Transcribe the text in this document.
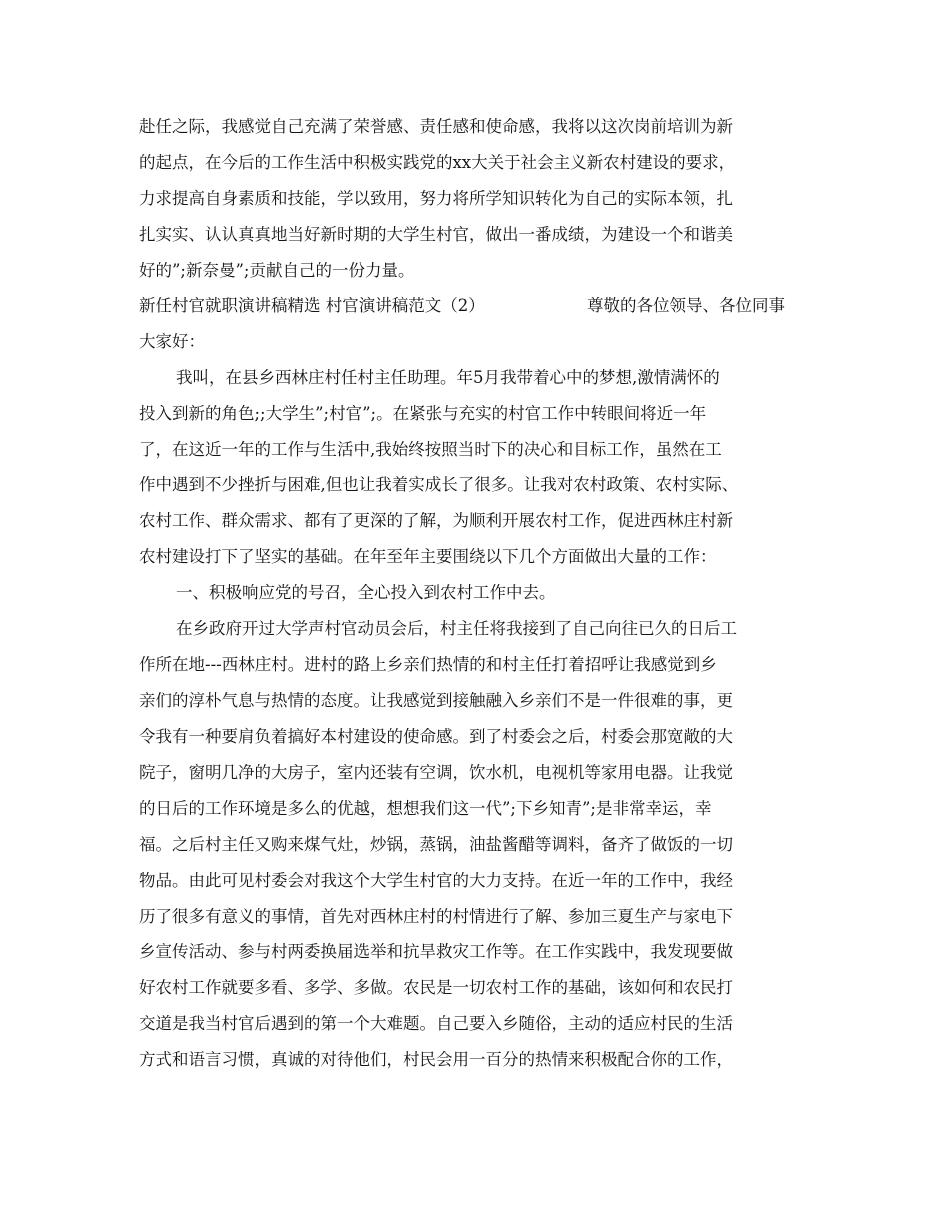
赴任之际，我感觉自己充满了荣誉感、责任感和使命感，我将以这次岗前培训为新
的起点，在今后的工作生活中积极实践党的xx大关于社会主义新农村建设的要求，
力求提高自身素质和技能，学以致用，努力将所学知识转化为自己的实际本领，扎
扎实实、认认真真地当好新时期的大学生村官，做出一番成绩，为建设一个和谐美
好的”;新奈曼”;贡献自己的一份力量。
新任村官就职演讲稿精选 村官演讲稿范文（2）	尊敬的各位领导、各位同事
大家好：
我叫，在县乡西林庄村任村主任助理。年5月我带着心中的梦想,激情满怀的
投入到新的角色;;大学生”;村官”;。在紧张与充实的村官工作中转眼间将近一年
了，在这近一年的工作与生活中,我始终按照当时下的决心和目标工作，虽然在工
作中遇到不少挫折与困难,但也让我着实成长了很多。让我对农村政策、农村实际、
农村工作、群众需求、都有了更深的了解，为顺利开展农村工作，促进西林庄村新
农村建设打下了坚实的基础。在年至年主要围绕以下几个方面做出大量的工作：
一、积极响应党的号召，全心投入到农村工作中去。
在乡政府开过大学声村官动员会后，村主任将我接到了自己向往已久的日后工
作所在地---西林庄村。进村的路上乡亲们热情的和村主任打着招呼让我感觉到乡
亲们的淳朴气息与热情的态度。让我感觉到接触融入乡亲们不是一件很难的事，更
令我有一种要肩负着搞好本村建设的使命感。到了村委会之后，村委会那宽敞的大
院子，窗明几净的大房子，室内还装有空调，饮水机，电视机等家用电器。让我觉
的日后的工作环境是多么的优越，想想我们这一代”;下乡知青”;是非常幸运，幸
福。之后村主任又购来煤气灶，炒锅，蒸锅，油盐酱醋等调料，备齐了做饭的一切
物品。由此可见村委会对我这个大学生村官的大力支持。在近一年的工作中，我经
历了很多有意义的事情，首先对西林庄村的村情进行了解、参加三夏生产与家电下
乡宣传活动、参与村两委换届选举和抗旱救灾工作等。在工作实践中，我发现要做
好农村工作就要多看、多学、多做。农民是一切农村工作的基础，该如何和农民打
交道是我当村官后遇到的第一个大难题。自己要入乡随俗，主动的适应村民的生活
方式和语言习惯，真诚的对待他们，村民会用一百分的热情来积极配合你的工作，
